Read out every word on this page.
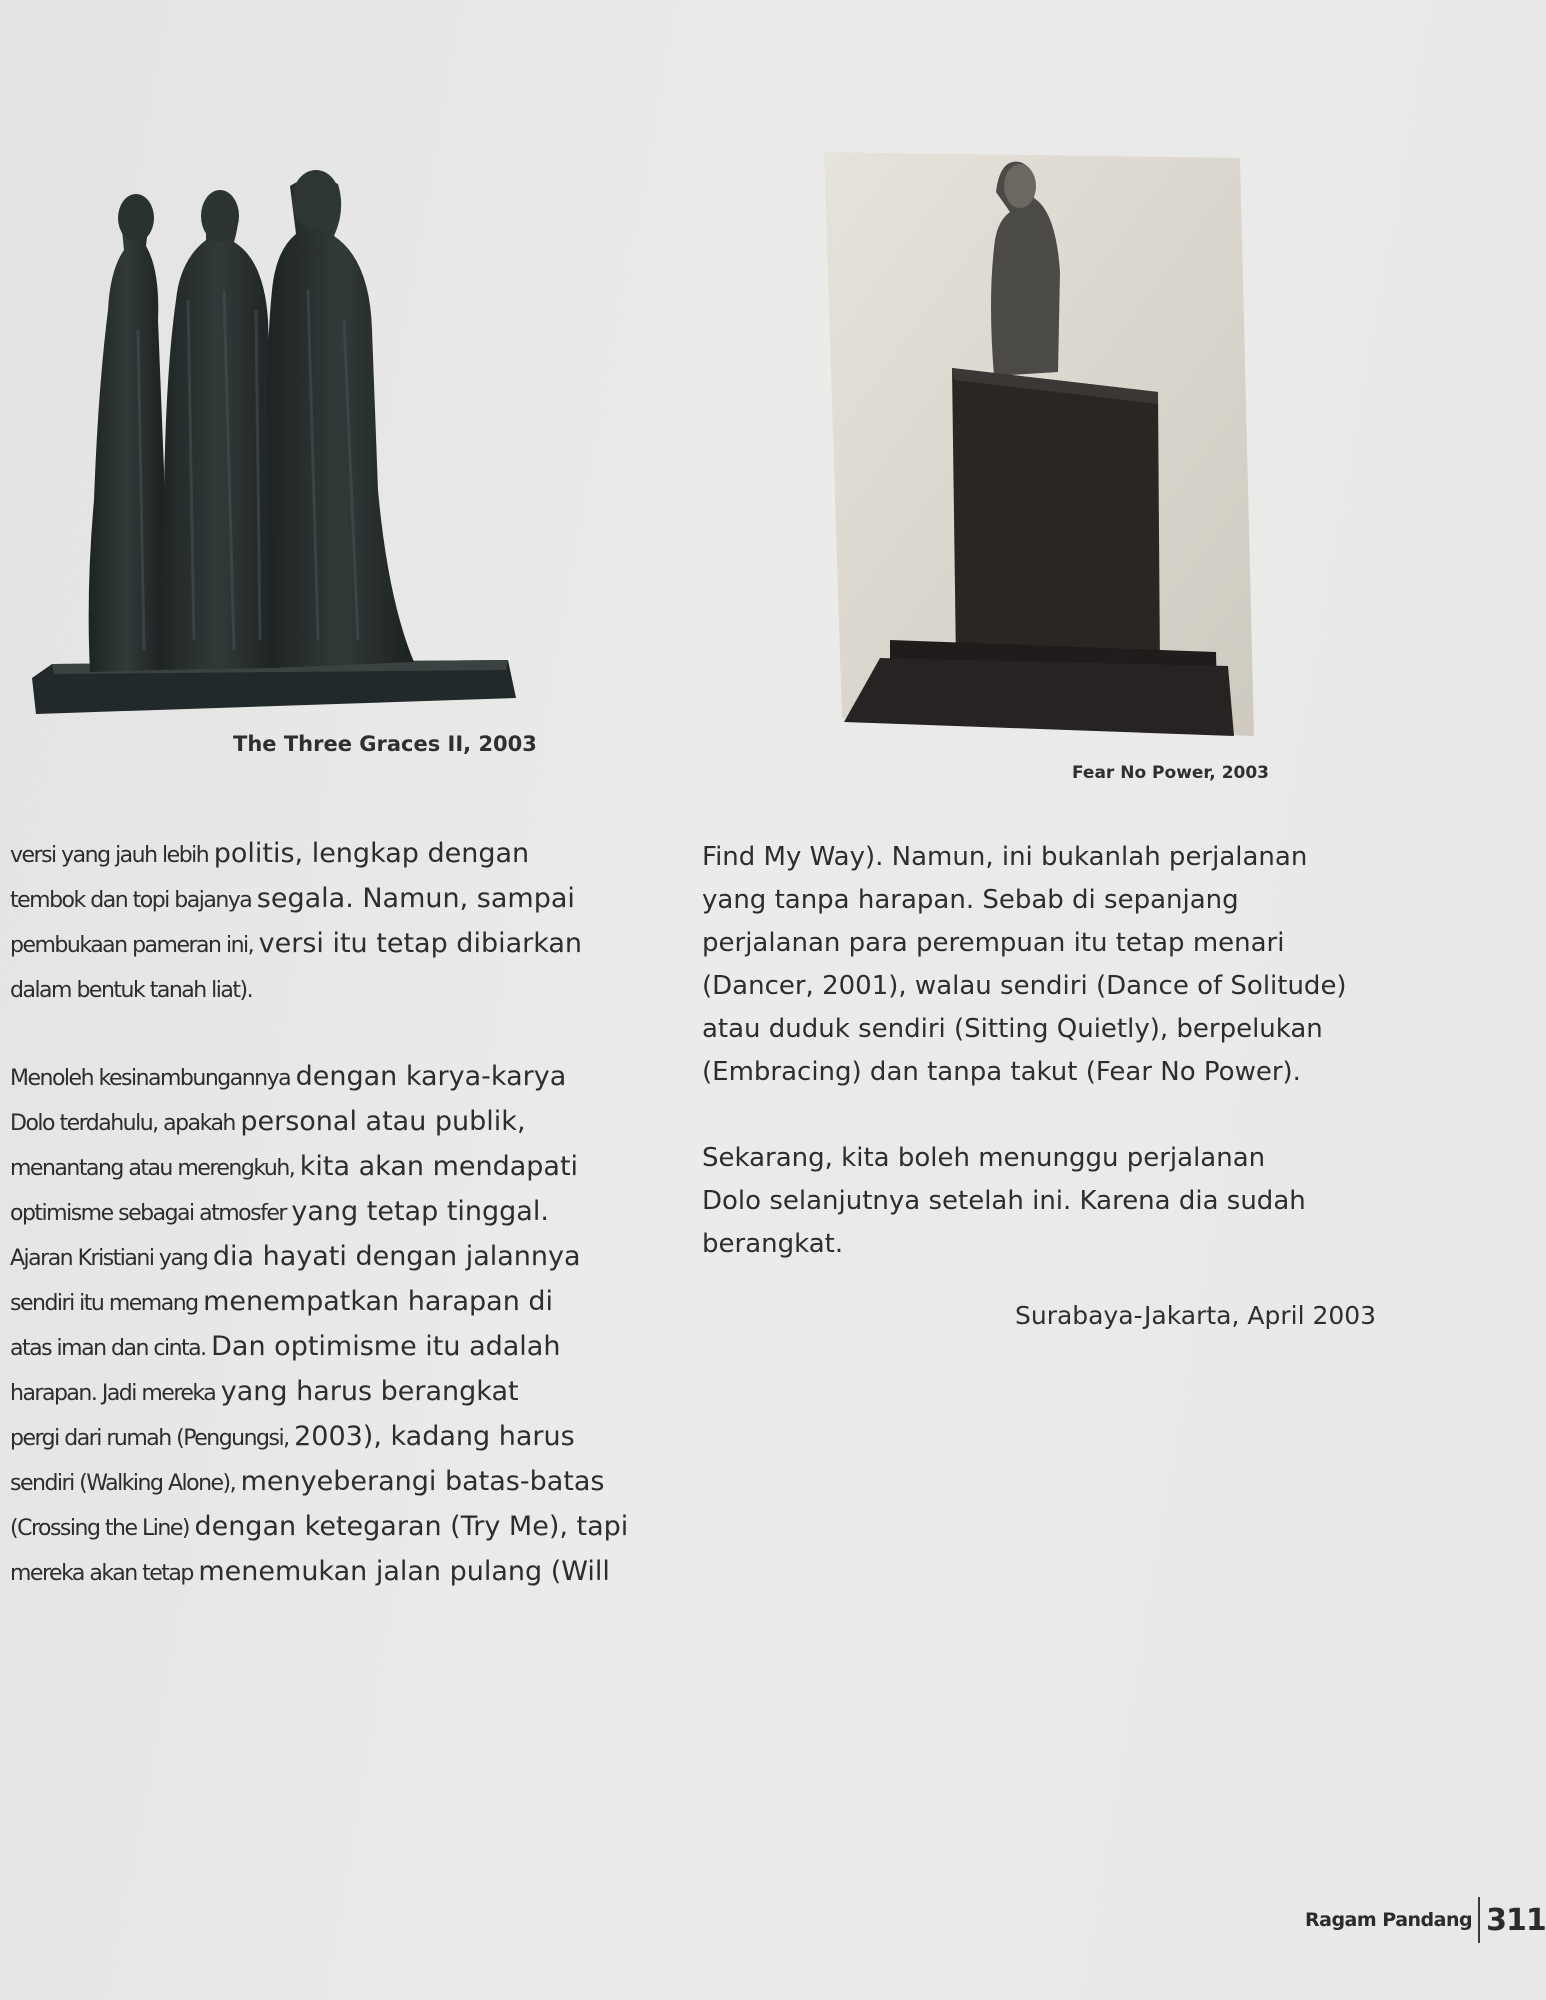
The Three Graces II, 2003
Fear No Power, 2003

versi yang jauh lebih politis, lengkap dengan
tembok dan topi bajanya segala. Namun, sampai
pembukaan pameran ini, versi itu tetap dibiarkan
dalam bentuk tanah liat).

Menoleh kesinambungannya dengan karya-karya
Dolo terdahulu, apakah personal atau publik,
menantang atau merengkuh, kita akan mendapati
optimisme sebagai atmosfer yang tetap tinggal.
Ajaran Kristiani yang dia hayati dengan jalannya
sendiri itu memang menempatkan harapan di
atas iman dan cinta. Dan optimisme itu adalah
harapan. Jadi mereka yang harus berangkat
pergi dari rumah (Pengungsi, 2003), kadang harus
sendiri (Walking Alone), menyeberangi batas-batas
(Crossing the Line) dengan ketegaran (Try Me), tapi
mereka akan tetap menemukan jalan pulang (Will

Find My Way). Namun, ini bukanlah perjalanan
yang tanpa harapan. Sebab di sepanjang
perjalanan para perempuan itu tetap menari
(Dancer, 2001), walau sendiri (Dance of Solitude)
atau duduk sendiri (Sitting Quietly), berpelukan
(Embracing) dan tanpa takut (Fear No Power).

Sekarang, kita boleh menunggu perjalanan
Dolo selanjutnya setelah ini. Karena dia sudah
berangkat.

Surabaya-Jakarta, April 2003
Ragam Pandang 311
